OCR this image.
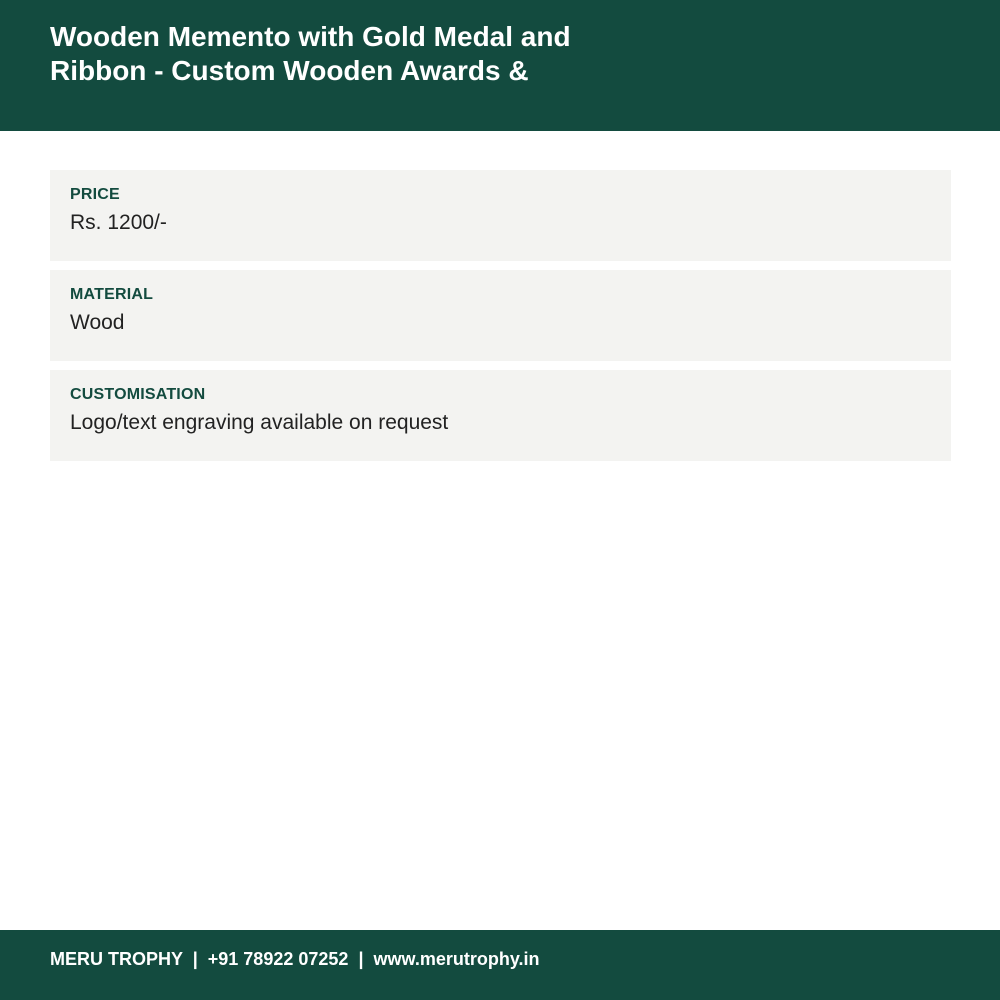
Wooden Memento with Gold Medal and
Ribbon - Custom Wooden Awards &
PRICE
Rs. 1200/-
MATERIAL
Wood
CUSTOMISATION
Logo/text engraving available on request
MERU TROPHY | +91 78922 07252 | www.merutrophy.in
